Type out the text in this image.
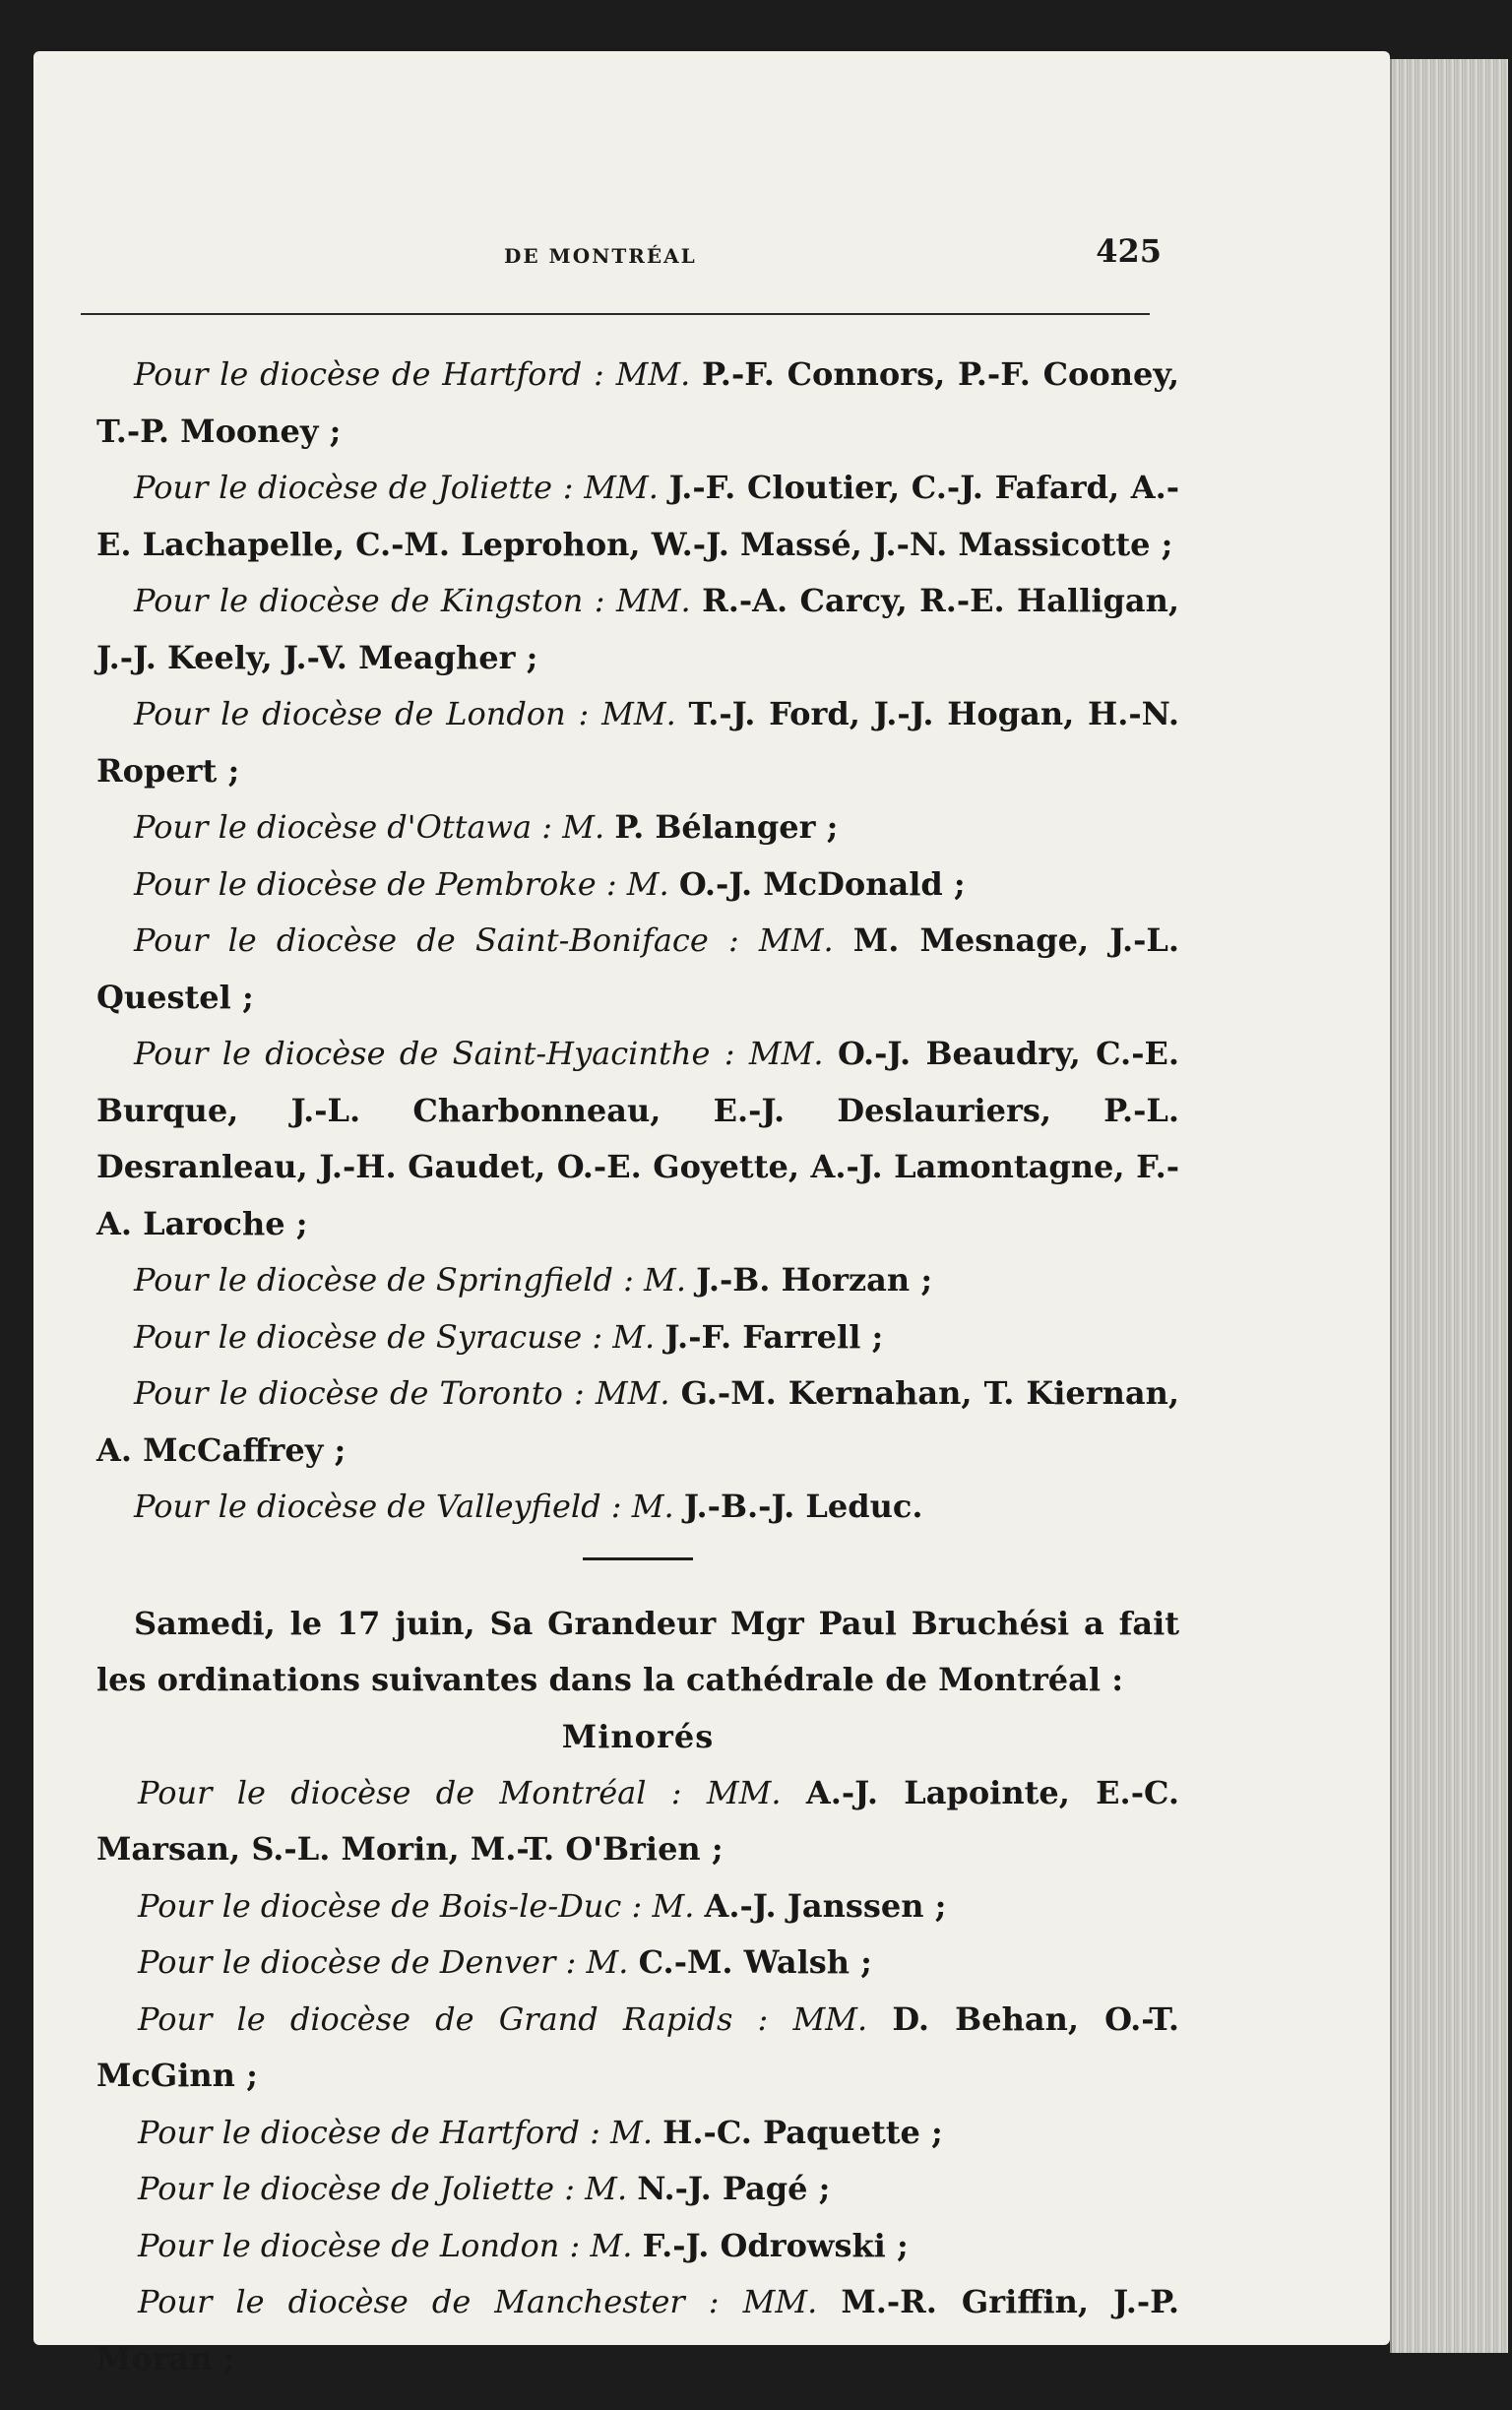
DE MONTRÉAL	425

Pour le diocèse de Hartford : MM. P.-F. Connors, P.-F. Cooney, T.-P. Mooney ;

Pour le diocèse de Joliette : MM. J.-F. Cloutier, C.-J. Fafard, A.-E. Lachapelle, C.-M. Leprohon, W.-J. Massé, J.-N. Massicotte ;

Pour le diocèse de Kingston : MM. R.-A. Carcy, R.-E. Halligan, J.-J. Keely, J.-V. Meagher ;

Pour le diocèse de London : MM. T.-J. Ford, J.-J. Hogan, H.-N. Ropert ;

Pour le diocèse d'Ottawa : M. P. Bélanger ;

Pour le diocèse de Pembroke : M. O.-J. McDonald ;

Pour le diocèse de Saint-Boniface : MM. M. Mesnage, J.-L. Questel ;

Pour le diocèse de Saint-Hyacinthe : MM. O.-J. Beaudry, C.-E. Burque, J.-L. Charbonneau, E.-J. Deslauriers, P.-L. Desranleau, J.-H. Gaudet, O.-E. Goyette, A.-J. Lamontagne, F.-A. Laroche ;

Pour le diocèse de Springfield : M. J.-B. Horzan ;

Pour le diocèse de Syracuse : M. J.-F. Farrell ;

Pour le diocèse de Toronto : MM. G.-M. Kernahan, T. Kiernan, A. McCaffrey ;

Pour le diocèse de Valleyfield : M. J.-B.-J. Leduc.

Samedi, le 17 juin, Sa Grandeur Mgr Paul Bruchési a fait les ordinations suivantes dans la cathédrale de Montréal :

Minorés

Pour le diocèse de Montréal : MM. A.-J. Lapointe, E.-C. Marsan, S.-L. Morin, M.-T. O'Brien ;

Pour le diocèse de Bois-le-Duc : M. A.-J. Janssen ;

Pour le diocèse de Denver : M. C.-M. Walsh ;

Pour le diocèse de Grand Rapids : MM. D. Behan, O.-T. McGinn ;

Pour le diocèse de Hartford : M. H.-C. Paquette ;

Pour le diocèse de Joliette : M. N.-J. Pagé ;

Pour le diocèse de London : M. F.-J. Odrowski ;

Pour le diocèse de Manchester : MM. M.-R. Griffin, J.-P. Moran ;
